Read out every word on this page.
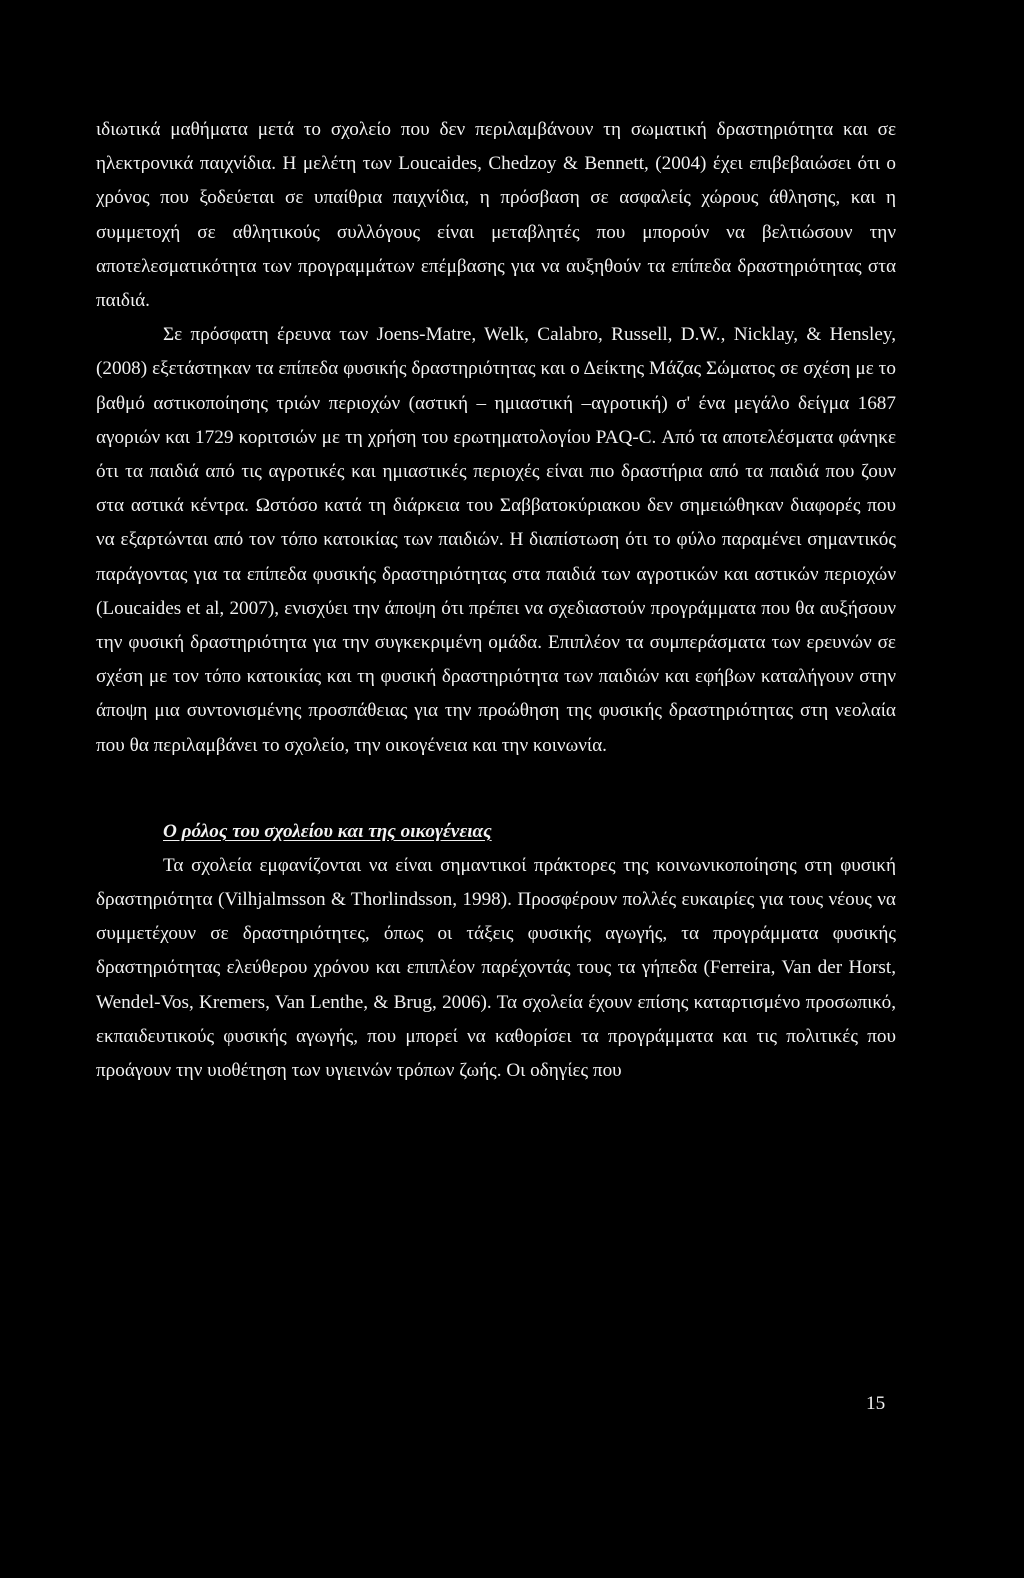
ιδιωτικά μαθήματα μετά το σχολείο που δεν περιλαμβάνουν τη σωματική δραστηριότητα και σε ηλεκτρονικά παιχνίδια. Η μελέτη των Loucaides, Chedzoy & Bennett, (2004) έχει επιβεβαιώσει ότι ο χρόνος που ξοδεύεται σε υπαίθρια παιχνίδια, η πρόσβαση σε ασφαλείς χώρους άθλησης, και η συμμετοχή σε αθλητικούς συλλόγους είναι μεταβλητές που μπορούν να βελτιώσουν την αποτελεσματικότητα των προγραμμάτων επέμβασης για να αυξηθούν τα επίπεδα δραστηριότητας στα παιδιά.

Σε πρόσφατη έρευνα των Joens-Matre, Welk, Calabro, Russell, D.W., Nicklay, & Hensley, (2008) εξετάστηκαν τα επίπεδα φυσικής δραστηριότητας και ο Δείκτης Μάζας Σώματος σε σχέση με το βαθμό αστικοποίησης τριών περιοχών (αστική – ημιαστική –αγροτική) σ' ένα μεγάλο δείγμα 1687 αγοριών και 1729 κοριτσιών με τη χρήση του ερωτηματολογίου PAQ-C. Από τα αποτελέσματα φάνηκε ότι τα παιδιά από τις αγροτικές και ημιαστικές περιοχές είναι πιο δραστήρια από τα παιδιά που ζουν στα αστικά κέντρα. Ωστόσο κατά τη διάρκεια του Σαββατοκύριακου δεν σημειώθηκαν διαφορές που να εξαρτώνται από τον τόπο κατοικίας των παιδιών. Η διαπίστωση ότι το φύλο παραμένει σημαντικός παράγοντας για τα επίπεδα φυσικής δραστηριότητας στα παιδιά των αγροτικών και αστικών περιοχών (Loucaides et al, 2007), ενισχύει την άποψη ότι πρέπει να σχεδιαστούν προγράμματα που θα αυξήσουν την φυσική δραστηριότητα για την συγκεκριμένη ομάδα. Επιπλέον τα συμπεράσματα των ερευνών σε σχέση με τον τόπο κατοικίας και τη φυσική δραστηριότητα των παιδιών και εφήβων καταλήγουν στην άποψη μια συντονισμένης προσπάθειας για την προώθηση της φυσικής δραστηριότητας στη νεολαία που θα περιλαμβάνει το σχολείο, την οικογένεια και την κοινωνία.

Ο ρόλος του σχολείου και της οικογένειας

Τα σχολεία εμφανίζονται να είναι σημαντικοί πράκτορες της κοινωνικοποίησης στη φυσική δραστηριότητα (Vilhjalmsson & Thorlindsson, 1998). Προσφέρουν πολλές ευκαιρίες για τους νέους να συμμετέχουν σε δραστηριότητες, όπως οι τάξεις φυσικής αγωγής, τα προγράμματα φυσικής δραστηριότητας ελεύθερου χρόνου και επιπλέον παρέχοντάς τους τα γήπεδα (Ferreira, Van der Horst, Wendel-Vos, Kremers, Van Lenthe, & Brug, 2006). Τα σχολεία έχουν επίσης καταρτισμένο προσωπικό, εκπαιδευτικούς φυσικής αγωγής, που μπορεί να καθορίσει τα προγράμματα και τις πολιτικές που προάγουν την υιοθέτηση των υγιεινών τρόπων ζωής. Οι οδηγίες που

15
